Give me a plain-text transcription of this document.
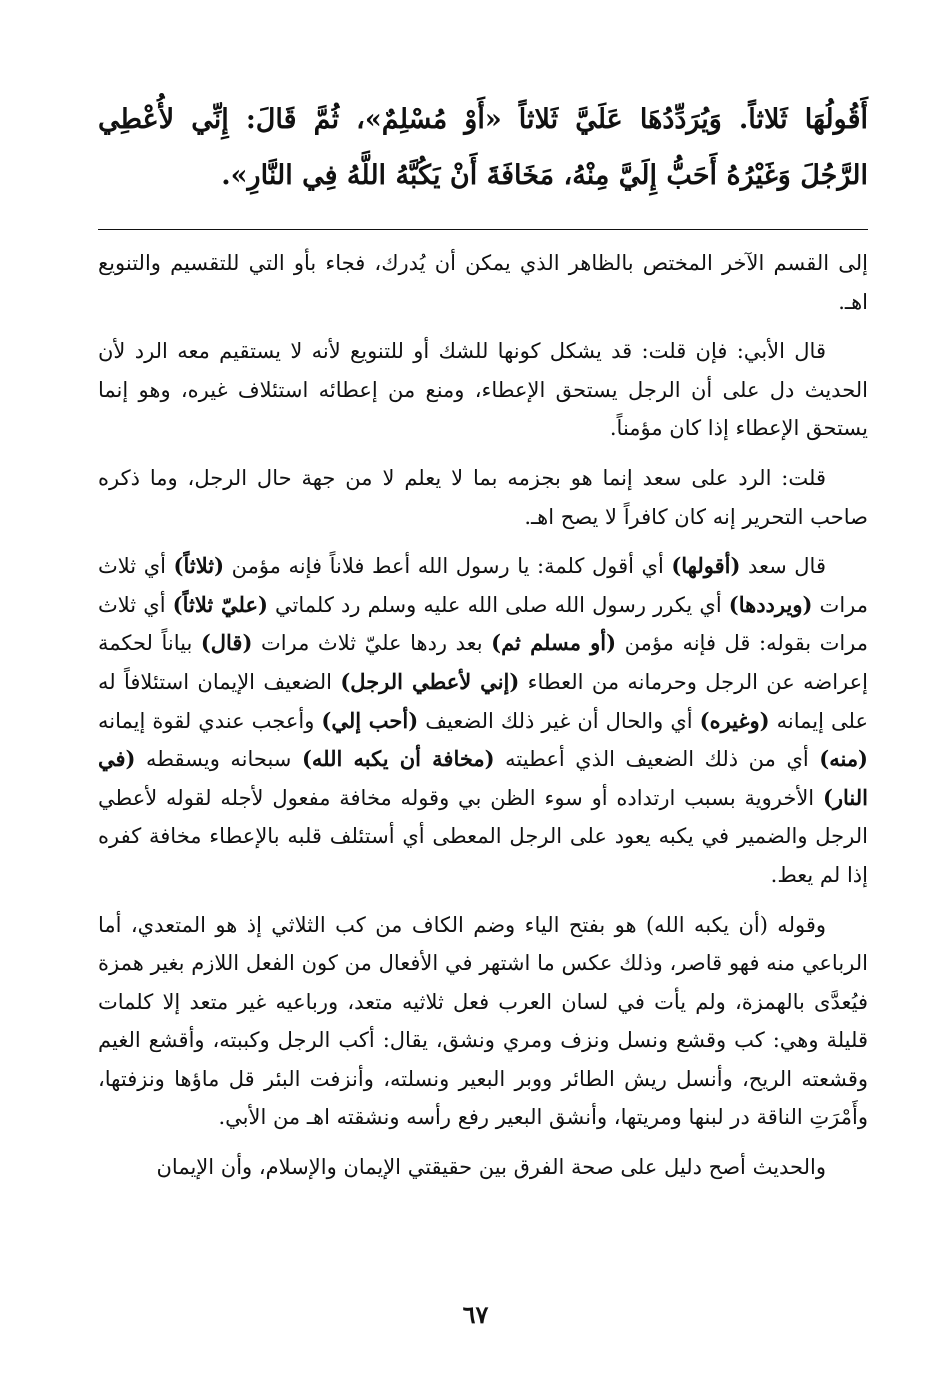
أَقُولُهَا ثَلاثاً. وَيُرَدِّدُهَا عَلَيَّ ثَلاثاً «أَوْ مُسْلِمٌ»، ثُمَّ قَالَ: إِنِّي لأُعْطِي الرَّجُلَ وَغَيْرُهُ أَحَبُّ إِلَيَّ مِنْهُ، مَخَافَةَ أَنْ يَكُبَّهُ اللَّهُ فِي النَّارِ».

إلى القسم الآخر المختص بالظاهر الذي يمكن أن يُدرك، فجاء بأو التي للتقسيم والتنويع اهـ.

قال الأبي: فإن قلت: قد يشكل كونها للشك أو للتنويع لأنه لا يستقيم معه الرد لأن الحديث دل على أن الرجل يستحق الإعطاء، ومنع من إعطائه استئلاف غيره، وهو إنما يستحق الإعطاء إذا كان مؤمناً.

قلت: الرد على سعد إنما هو بجزمه بما لا يعلم لا من جهة حال الرجل، وما ذكره صاحب التحرير إنه كان كافراً لا يصح اهـ.

قال سعد (أقولها) أي أقول كلمة: يا رسول الله أعط فلاناً فإنه مؤمن (ثلاثاً) أي ثلاث مرات (ويرددها) أي يكرر رسول الله صلى الله عليه وسلم رد كلماتي (عليّ ثلاثاً) أي ثلاث مرات بقوله: قل فإنه مؤمن (أو مسلم ثم) بعد ردها عليّ ثلاث مرات (قال) بياناً لحكمة إعراضه عن الرجل وحرمانه من العطاء (إني لأعطي الرجل) الضعيف الإيمان استئلافاً له على إيمانه (وغيره) أي والحال أن غير ذلك الضعيف (أحب إلي) وأعجب عندي لقوة إيمانه (منه) أي من ذلك الضعيف الذي أعطيته (مخافة أن يكبه الله) سبحانه ويسقطه (في النار) الأخروية بسبب ارتداده أو سوء الظن بي وقوله مخافة مفعول لأجله لقوله لأعطي الرجل والضمير في يكبه يعود على الرجل المعطى أي أستئلف قلبه بالإعطاء مخافة كفره إذا لم يعط.

وقوله (أن يكبه الله) هو بفتح الياء وضم الكاف من كب الثلاثي إذ هو المتعدي، أما الرباعي منه فهو قاصر، وذلك عكس ما اشتهر في الأفعال من كون الفعل اللازم بغير همزة فيُعدَّى بالهمزة، ولم يأت في لسان العرب فعل ثلاثيه متعد، ورباعيه غير متعد إلا كلمات قليلة وهي: كب وقشع ونسل ونزف ومري ونشق، يقال: أكب الرجل وكببته، وأقشع الغيم وقشعته الريح، وأنسل ريش الطائر ووبر البعير ونسلته، وأنزفت البئر قل ماؤها ونزفتها، وأَمْرَتِ الناقة در لبنها ومريتها، وأنشق البعير رفع رأسه ونشقته اهـ من الأبي.

والحديث أصح دليل على صحة الفرق بين حقيقتي الإيمان والإسلام، وأن الإيمان

٦٧
